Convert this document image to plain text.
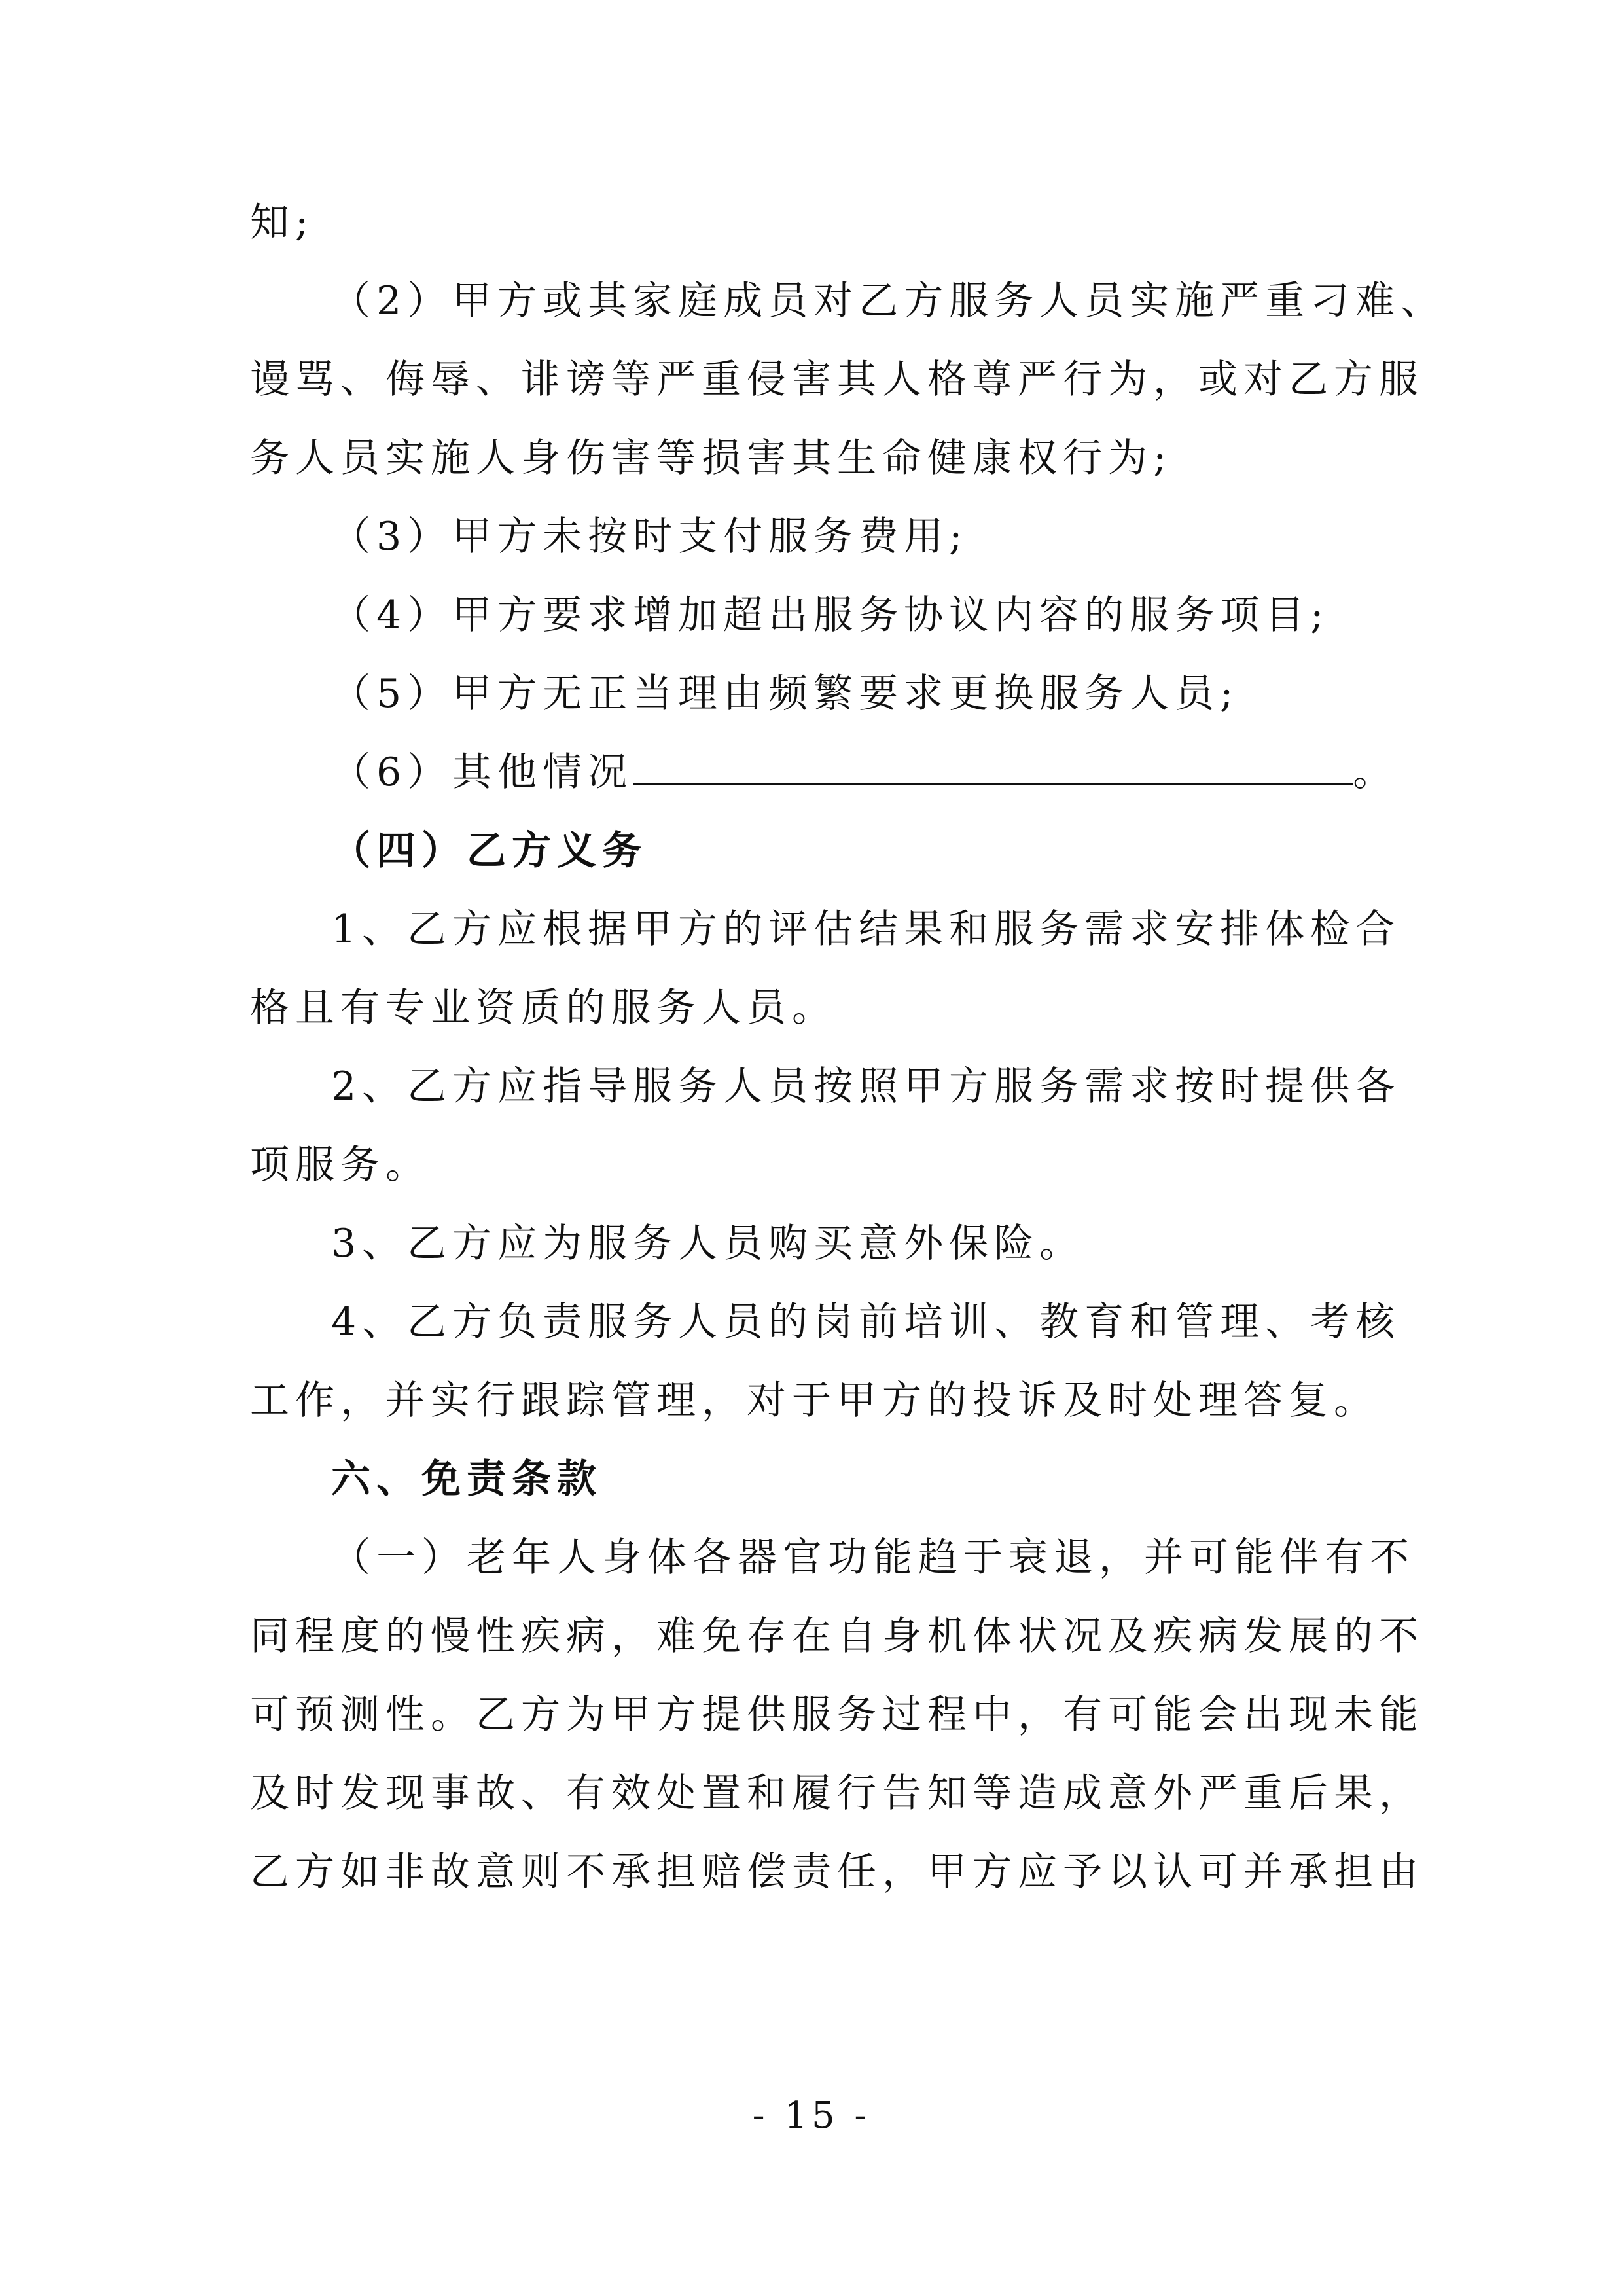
知;
（2）甲方或其家庭成员对乙方服务人员实施严重刁难、
谩骂、侮辱、诽谤等严重侵害其人格尊严行为，或对乙方服
务人员实施人身伤害等损害其生命健康权行为;
（3）甲方未按时支付服务费用;
（4）甲方要求增加超出服务协议内容的服务项目;
（5）甲方无正当理由频繁要求更换服务人员;
（6）其他情况	。
（四）乙方义务
1、乙方应根据甲方的评估结果和服务需求安排体检合
格且有专业资质的服务人员。
2、乙方应指导服务人员按照甲方服务需求按时提供各
项服务。
3、乙方应为服务人员购买意外保险。
4、乙方负责服务人员的岗前培训、教育和管理、考核
工作，并实行跟踪管理，对于甲方的投诉及时处理答复。
六、免责条款
（一）老年人身体各器官功能趋于衰退，并可能伴有不
同程度的慢性疾病，难免存在自身机体状况及疾病发展的不
可预测性。乙方为甲方提供服务过程中，有可能会出现未能
及时发现事故、有效处置和履行告知等造成意外严重后果，
乙方如非故意则不承担赔偿责任，甲方应予以认可并承担由
- 15 -
